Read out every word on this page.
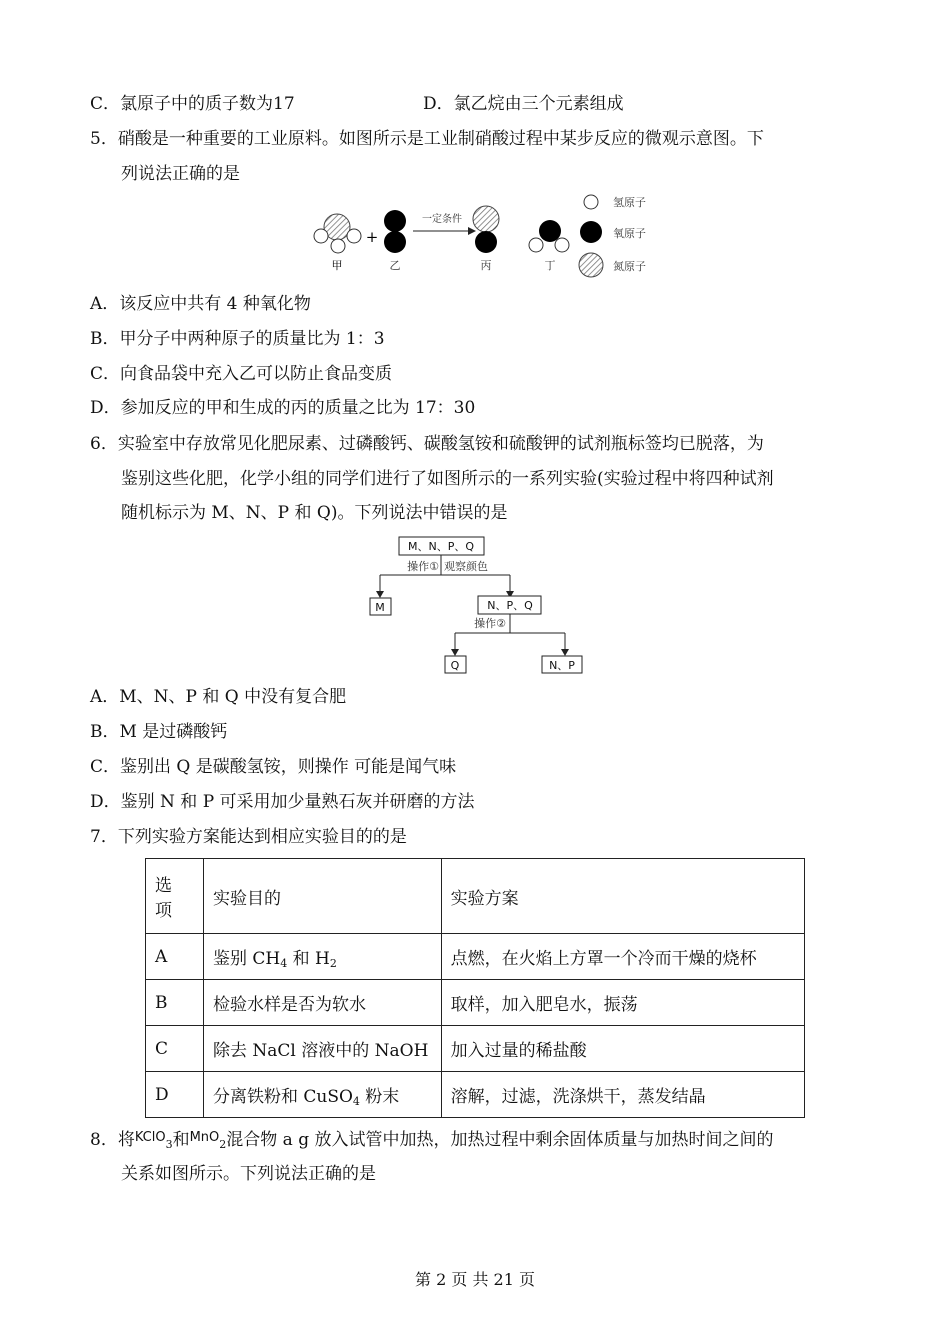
C．氯原子中的质子数为17	D．氯乙烷由三个元素组成
5．硝酸是一种重要的工业原料。如图所示是工业制硝酸过程中某步反应的微观示意图。下
列说法正确的是
甲
+
乙
一定条件
丙	丁
氢原子
氧原子
氮原子
A．该反应中共有 4 种氧化物
B．甲分子中两种原子的质量比为 1：3
C．向食品袋中充入乙可以防止食品变质
D．参加反应的甲和生成的丙的质量之比为 17：30
6．实验室中存放常见化肥尿素、过磷酸钙、碳酸氢铵和硫酸钾的试剂瓶标签均已脱落，为
鉴别这些化肥，化学小组的同学们进行了如图所示的一系列实验(实验过程中将四种试剂
随机标示为 M、N、P 和 Q)。下列说法中错误的是
M、N、P、Q
操作① 观察颜色
M	N、P、Q
操作②
Q	N、P
A．M、N、P 和 Q 中没有复合肥
B．M 是过磷酸钙
C．鉴别出 Q 是碳酸氢铵，则操作 可能是闻气味
D．鉴别 N 和 P 可采用加少量熟石灰并研磨的方法
7．下列实验方案能达到相应实验目的的是
选
项	实验目的	实验方案
A	鉴别 $CH_4$ 和 $H_2$	点燃，在火焰上方罩一个冷而干燥的烧杯
B	检验水样是否为软水	取样，加入肥皂水，振荡
C	除去 NaCl 溶液中的 NaOH	加入过量的稀盐酸
D	分离铁粉和 CuSO$_4$ 粉末	溶解，过滤，洗涤烘干，蒸发结晶
8．将$^{KClO}_3$和$^{MnO}_2$混合物 a g 放入试管中加热，加热过程中剩余固体质量与加热时间之间的
关系如图所示。下列说法正确的是
第 2 页 共 21 页
